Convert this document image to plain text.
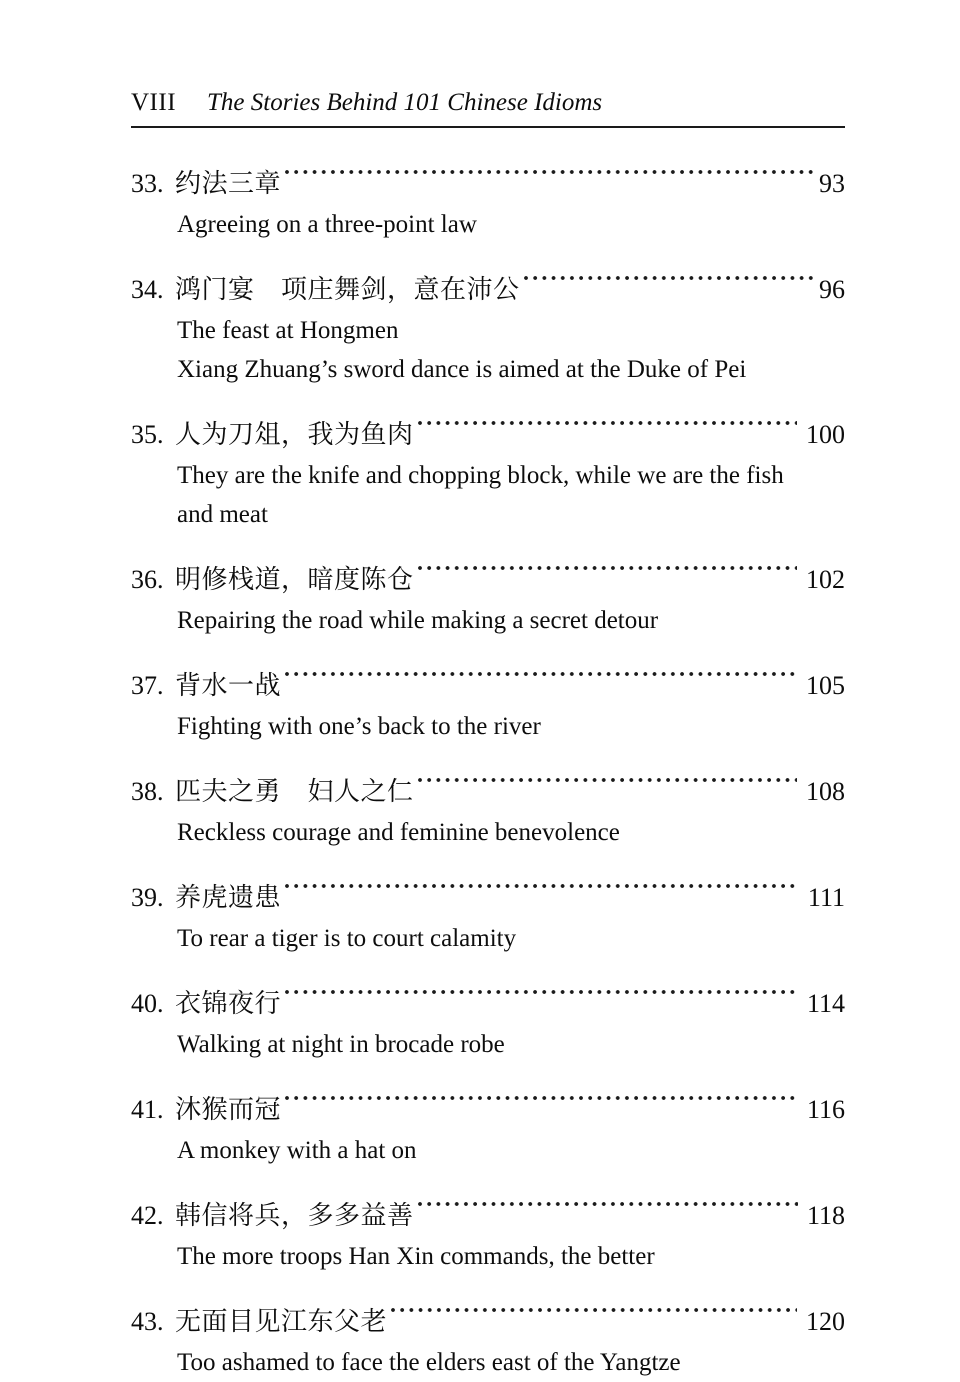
VIII The Stories Behind 101 Chinese Idioms
33. 约法三章	93
Agreeing on a three-point law
34. 鸿门宴　项庄舞剑，意在沛公	96
The feast at Hongmen
Xiang Zhuang’s sword dance is aimed at the Duke of Pei
35. 人为刀俎，我为鱼肉	100
They are the knife and chopping block, while we are the fish and meat
36. 明修栈道，暗度陈仓	102
Repairing the road while making a secret detour
37. 背水一战	105
Fighting with one’s back to the river
38. 匹夫之勇　妇人之仁	108
Reckless courage and feminine benevolence
39. 养虎遗患	111
To rear a tiger is to court calamity
40. 衣锦夜行	114
Walking at night in brocade robe
41. 沐猴而冠	116
A monkey with a hat on
42. 韩信将兵，多多益善	118
The more troops Han Xin commands, the better
43. 无面目见江东父老	120
Too ashamed to face the elders east of the Yangtze
